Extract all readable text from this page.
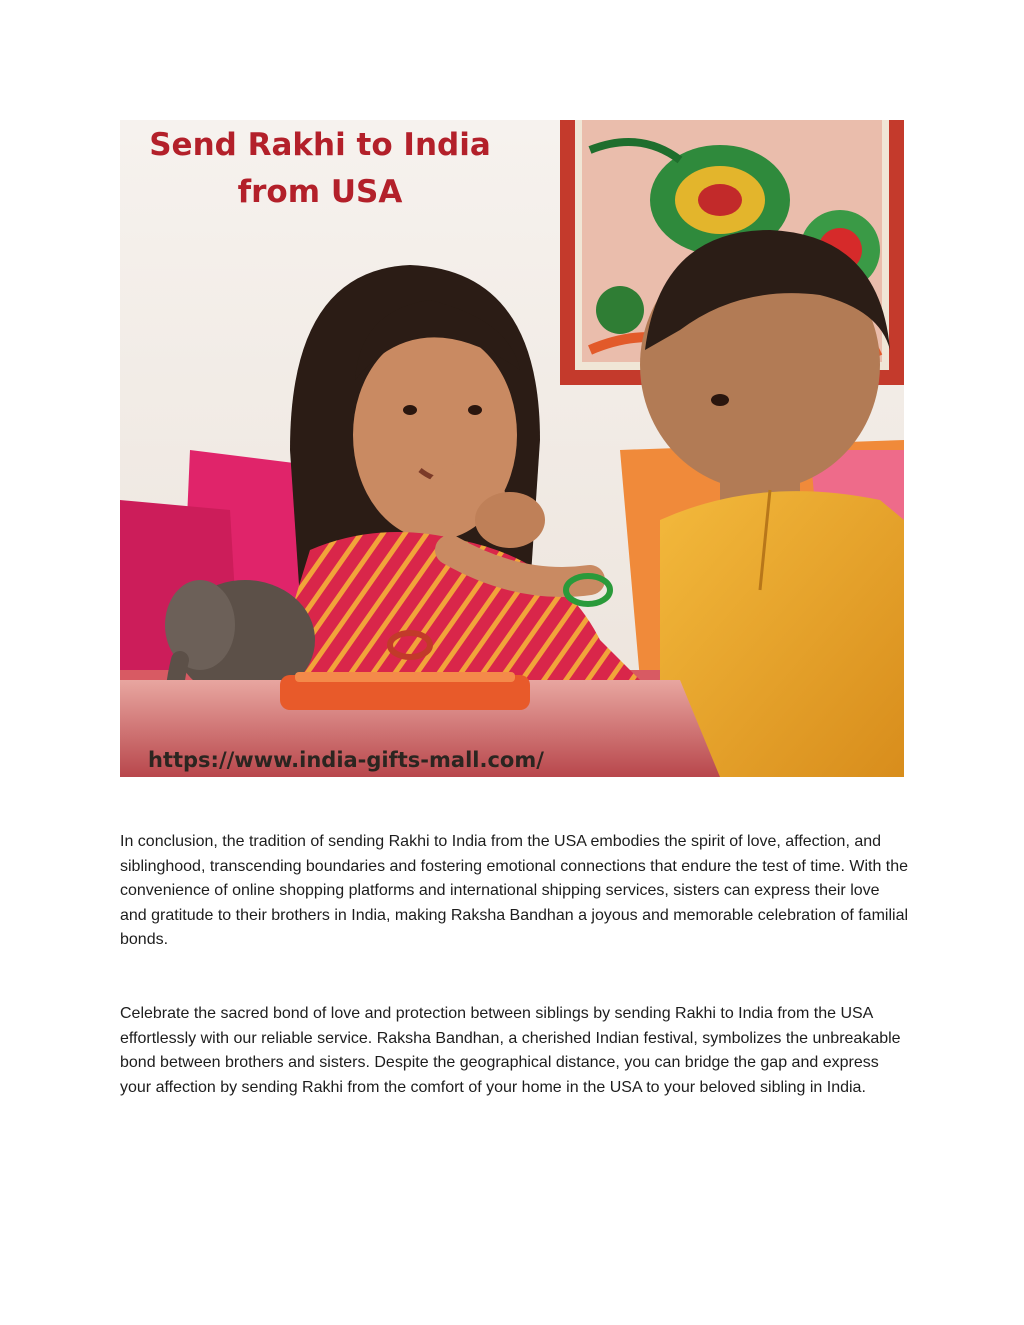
Send Rakhi to India
from USA
https://www.india-gifts-mall.com/

In conclusion, the tradition of sending Rakhi to India from the USA embodies the spirit of love, affection, and siblinghood, transcending boundaries and fostering emotional connections that endure the test of time. With the convenience of online shopping platforms and international shipping services, sisters can express their love and gratitude to their brothers in India, making Raksha Bandhan a joyous and memorable celebration of familial bonds.

Celebrate the sacred bond of love and protection between siblings by sending Rakhi to India from the USA effortlessly with our reliable service. Raksha Bandhan, a cherished Indian festival, symbolizes the unbreakable bond between brothers and sisters. Despite the geographical distance, you can bridge the gap and express your affection by sending Rakhi from the comfort of your home in the USA to your beloved sibling in India.
